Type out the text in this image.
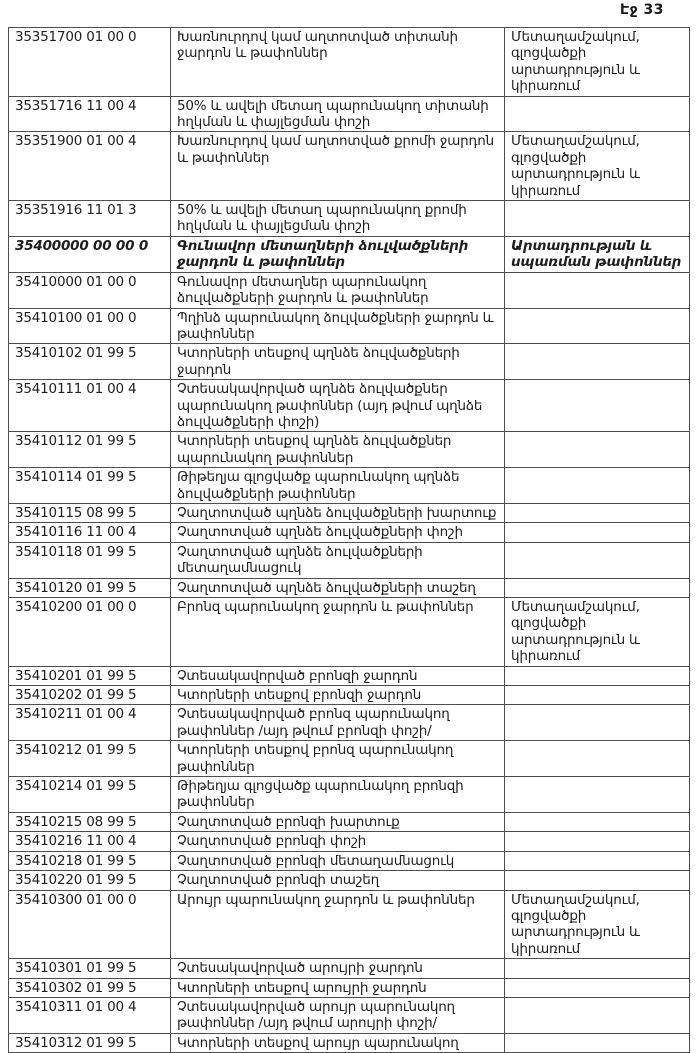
Էջ 33
35351700 01 00 0	Խառնուրդով կամ աղտոտված տիտանի ջարդոն և թափոններ	Մետաղամշակում, գլոցվածքի արտադրություն և կիրառում
35351716 11 00 4	50% և ավելի մետաղ պարունակող տիտանի հղկման և փայլեցման փոշի	
35351900 01 00 4	Խառնուրդով կամ աղտոտված քրոմի ջարդոն և թափոններ	Մետաղամշակում, գլոցվածքի արտադրություն և կիրառում
35351916 11 01 3	50% և ավելի մետաղ պարունակող քրոմի հղկման և փայլեցման փոշի	
35400000 00 00 0	Գունավոր մետաղների ձուլվածքների ջարդոն և թափոններ	Արտադրության և սպառման թափոններ
35410000 01 00 0	Գունավոր մետաղներ պարունակող ձուլվածքների ջարդոն և թափոններ	
35410100 01 00 0	Պղինձ պարունակող ձուլվածքների ջարդոն և թափոններ	
35410102 01 99 5	Կտորների տեսքով պղնձե ձուլվածքների ջարդոն	
35410111 01 00 4	Չտեսակավորված պղնձե ձուլվածքներ պարունակող թափոններ (այդ թվում պղնձե ձուլվածքների փոշի)	
35410112 01 99 5	Կտորների տեսքով պղնձե ձուլվածքներ պարունակող թափոններ	
35410114 01 99 5	Թիթեղյա գլոցվածք պարունակող պղնձե ձուլվածքների թափոններ	
35410115 08 99 5	Չաղտոտված պղնձե ձուլվածքների խարտուք	
35410116 11 00 4	Չաղտոտված պղնձե ձուլվածքների փոշի	
35410118 01 99 5	Չաղտոտված պղնձե ձուլվածքների մետաղամնացուկ	
35410120 01 99 5	Չաղտոտված պղնձե ձուլվածքների տաշեղ	
35410200 01 00 0	Բրոնզ պարունակող ջարդոն և թափոններ	Մետաղամշակում, գլոցվածքի արտադրություն և կիրառում
35410201 01 99 5	Չտեսակավորված բրոնզի ջարդոն	
35410202 01 99 5	Կտորների տեսքով բրոնզի ջարդոն	
35410211 01 00 4	Չտեսակավորված բրոնզ պարունակող թափոններ /այդ թվում բրոնզի փոշի/	
35410212 01 99 5	Կտորների տեսքով բրոնզ պարունակող թափոններ	
35410214 01 99 5	Թիթեղյա գլոցվածք պարունակող բրոնզի թափոններ	
35410215 08 99 5	Չաղտոտված բրոնզի խարտուք	
35410216 11 00 4	Չաղտոտված բրոնզի փոշի	
35410218 01 99 5	Չաղտոտված բրոնզի մետաղամնացուկ	
35410220 01 99 5	Չաղտոտված բրոնզի տաշեղ	
35410300 01 00 0	Արույր պարունակող ջարդոն և թափոններ	Մետաղամշակում, գլոցվածքի արտադրություն և կիրառում
35410301 01 99 5	Չտեսակավորված արույրի ջարդոն	
35410302 01 99 5	Կտորների տեսքով արույրի ջարդոն	
35410311 01 00 4	Չտեսակավորված արույր պարունակող թափոններ /այդ թվում արույրի փոշի/	
35410312 01 99 5	Կտորների տեսքով արույր պարունակող	
